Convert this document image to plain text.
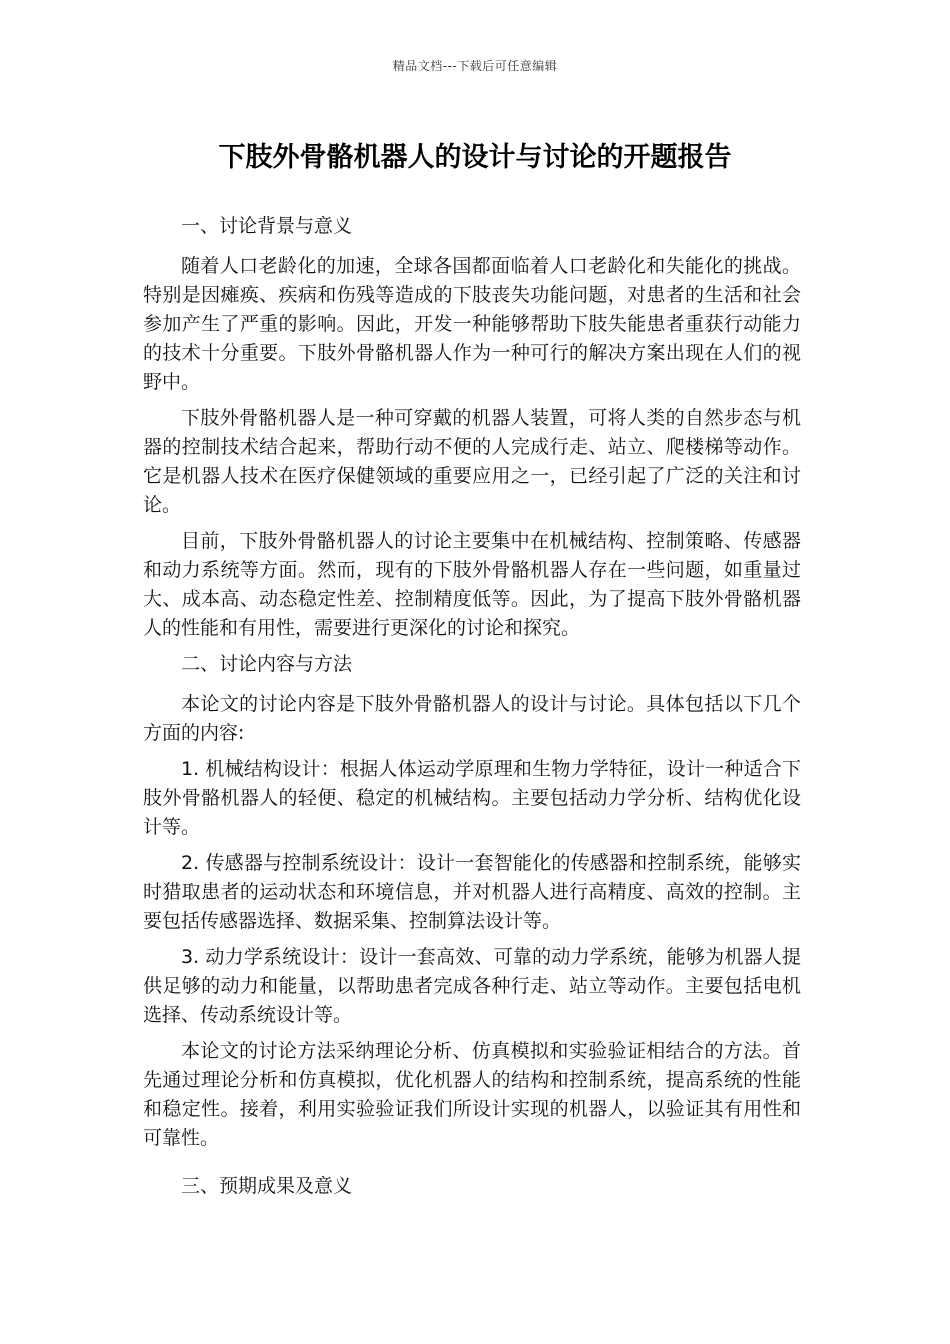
精品文档---下载后可任意编辑
下肢外骨骼机器人的设计与讨论的开题报告

一、讨论背景与意义

随着人口老龄化的加速，全球各国都面临着人口老龄化和失能化的挑战。特别是因瘫痪、疾病和伤残等造成的下肢丧失功能问题，对患者的生活和社会参加产生了严重的影响。因此，开发一种能够帮助下肢失能患者重获行动能力的技术十分重要。下肢外骨骼机器人作为一种可行的解决方案出现在人们的视野中。

下肢外骨骼机器人是一种可穿戴的机器人装置，可将人类的自然步态与机器的控制技术结合起来，帮助行动不便的人完成行走、站立、爬楼梯等动作。它是机器人技术在医疗保健领域的重要应用之一，已经引起了广泛的关注和讨论。

目前，下肢外骨骼机器人的讨论主要集中在机械结构、控制策略、传感器和动力系统等方面。然而，现有的下肢外骨骼机器人存在一些问题，如重量过大、成本高、动态稳定性差、控制精度低等。因此，为了提高下肢外骨骼机器人的性能和有用性，需要进行更深化的讨论和探究。

二、讨论内容与方法

本论文的讨论内容是下肢外骨骼机器人的设计与讨论。具体包括以下几个方面的内容:

1. 机械结构设计：根据人体运动学原理和生物力学特征，设计一种适合下肢外骨骼机器人的轻便、稳定的机械结构。主要包括动力学分析、结构优化设计等。

2. 传感器与控制系统设计：设计一套智能化的传感器和控制系统，能够实时猎取患者的运动状态和环境信息，并对机器人进行高精度、高效的控制。主要包括传感器选择、数据采集、控制算法设计等。

3. 动力学系统设计：设计一套高效、可靠的动力学系统，能够为机器人提供足够的动力和能量，以帮助患者完成各种行走、站立等动作。主要包括电机选择、传动系统设计等。

本论文的讨论方法采纳理论分析、仿真模拟和实验验证相结合的方法。首先通过理论分析和仿真模拟，优化机器人的结构和控制系统，提高系统的性能和稳定性。接着，利用实验验证我们所设计实现的机器人，以验证其有用性和可靠性。

三、预期成果及意义
